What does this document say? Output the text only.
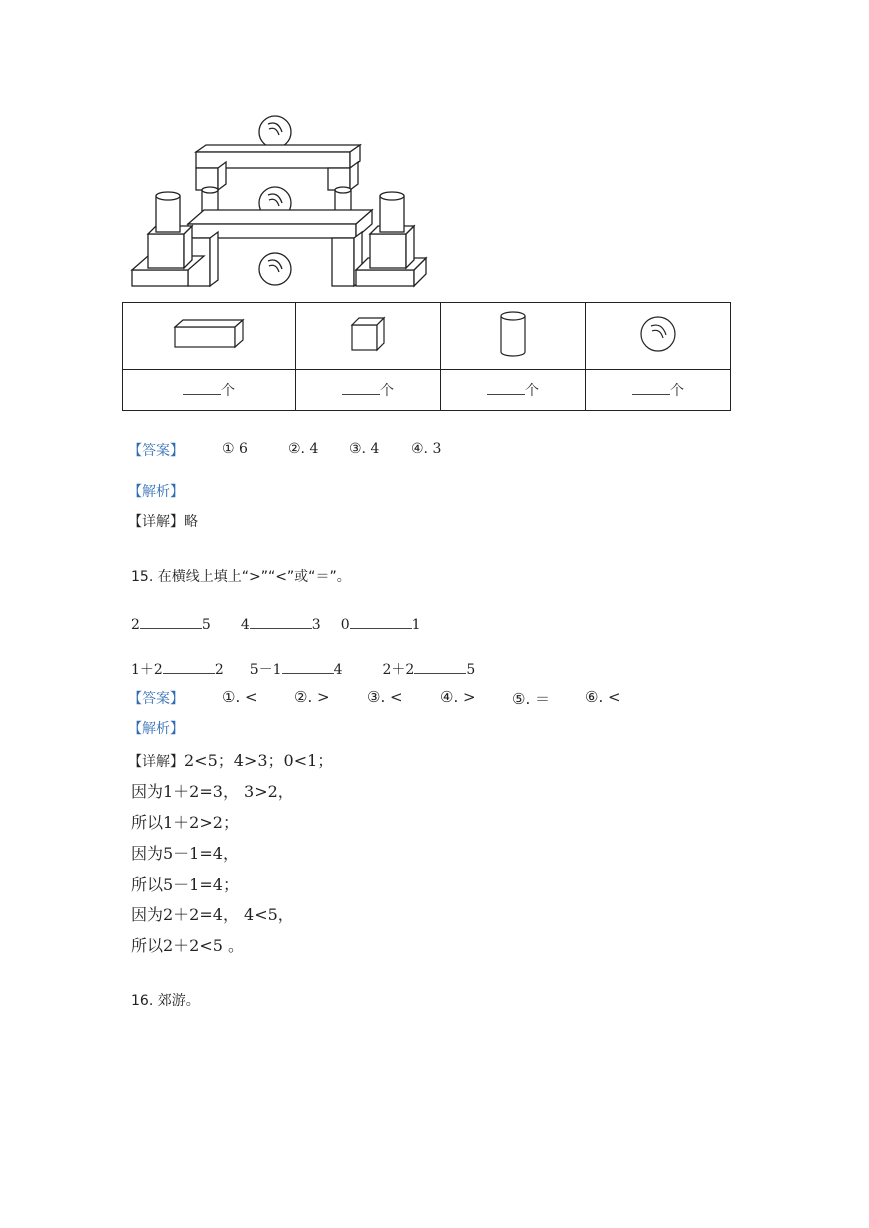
个	个	个	个
【答案】	① 6	②. 4 ③. 4 ④. 3
【解析】
【详解】略
15. 在横线上填上“>”“<”或“＝”。
2	5 4	3 0	1
1＋2	2 5－1	4	2＋2	5
【答案】	①. < ②. > ③. < ④. > ⑤. ＝ ⑥. <
【解析】
【详解】2<5；4>3；0<1；
因为1＋2=3， 3>2，
所以1＋2>2；
因为5－1=4，
所以5－1=4；
因为2＋2=4， 4<5，
所以2＋2<5 。
16. 郊游。
